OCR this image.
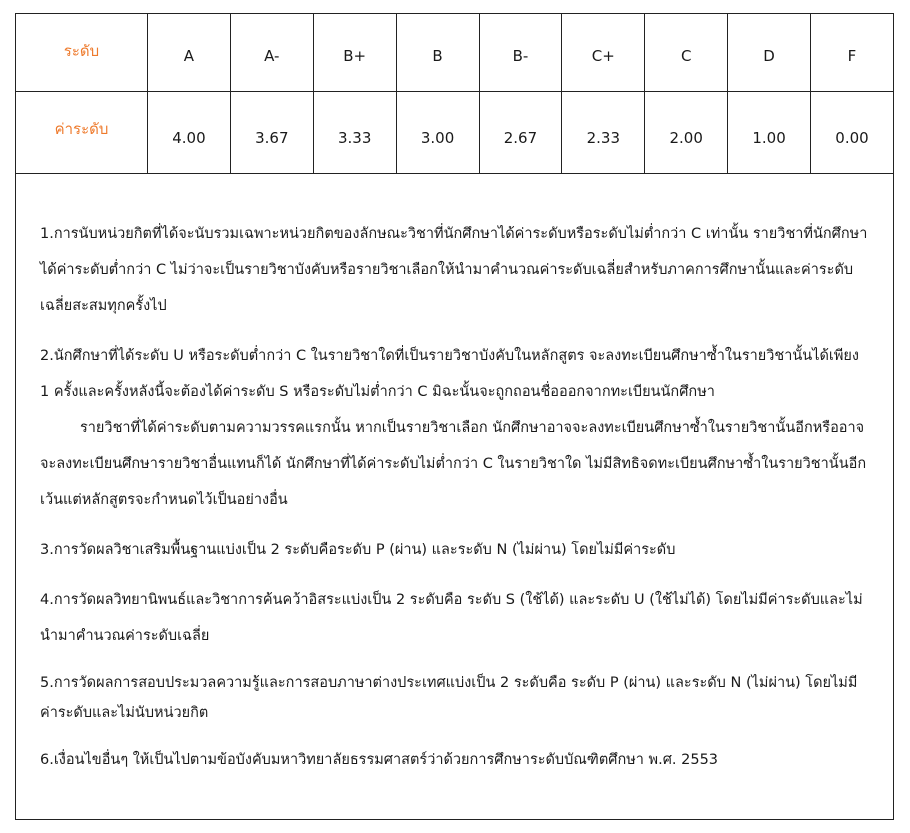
ระดับ	A	A-	B+	B	B-	C+	C	D	F
ค่าระดับ	4.00	3.67	3.33	3.00	2.67	2.33	2.00	1.00	0.00

1.การนับหน่วยกิตที่ได้จะนับรวมเฉพาะหน่วยกิตของลักษณะวิชาที่นักศึกษาได้ค่าระดับหรือระดับไม่ต่ำกว่า C เท่านั้น รายวิชาที่นักศึกษาได้ค่าระดับต่ำกว่า C ไม่ว่าจะเป็นรายวิชาบังคับหรือรายวิชาเลือกให้นำมาคำนวณค่าระดับเฉลี่ยสำหรับภาคการศึกษานั้นและค่าระดับเฉลี่ยสะสมทุกครั้งไป

2.นักศึกษาที่ได้ระดับ U หรือระดับต่ำกว่า C ในรายวิชาใดที่เป็นรายวิชาบังคับในหลักสูตร จะลงทะเบียนศึกษาซ้ำในรายวิชานั้นได้เพียง 1 ครั้งและครั้งหลังนี้จะต้องได้ค่าระดับ S หรือระดับไม่ต่ำกว่า C มิฉะนั้นจะถูกถอนชื่อออกจากทะเบียนนักศึกษา
รายวิชาที่ได้ค่าระดับตามความวรรคแรกนั้น หากเป็นรายวิชาเลือก นักศึกษาอาจจะลงทะเบียนศึกษาซ้ำในรายวิชานั้นอีกหรืออาจจะลงทะเบียนศึกษารายวิชาอื่นแทนก็ได้ นักศึกษาที่ได้ค่าระดับไม่ต่ำกว่า C ในรายวิชาใด ไม่มีสิทธิจดทะเบียนศึกษาซ้ำในรายวิชานั้นอีก เว้นแต่หลักสูตรจะกำหนดไว้เป็นอย่างอื่น

3.การวัดผลวิชาเสริมพื้นฐานแบ่งเป็น 2 ระดับคือระดับ P (ผ่าน) และระดับ N (ไม่ผ่าน) โดยไม่มีค่าระดับ

4.การวัดผลวิทยานิพนธ์และวิชาการค้นคว้าอิสระแบ่งเป็น 2 ระดับคือ ระดับ S (ใช้ได้) และระดับ U (ใช้ไม่ได้) โดยไม่มีค่าระดับและไม่นำมาคำนวณค่าระดับเฉลี่ย

5.การวัดผลการสอบประมวลความรู้และการสอบภาษาต่างประเทศแบ่งเป็น 2 ระดับคือ ระดับ P (ผ่าน) และระดับ N (ไม่ผ่าน) โดยไม่มีค่าระดับและไม่นับหน่วยกิต

6.เงื่อนไขอื่นๆ ให้เป็นไปตามข้อบังคับมหาวิทยาลัยธรรมศาสตร์ว่าด้วยการศึกษาระดับบัณฑิตศึกษา พ.ศ. 2553
